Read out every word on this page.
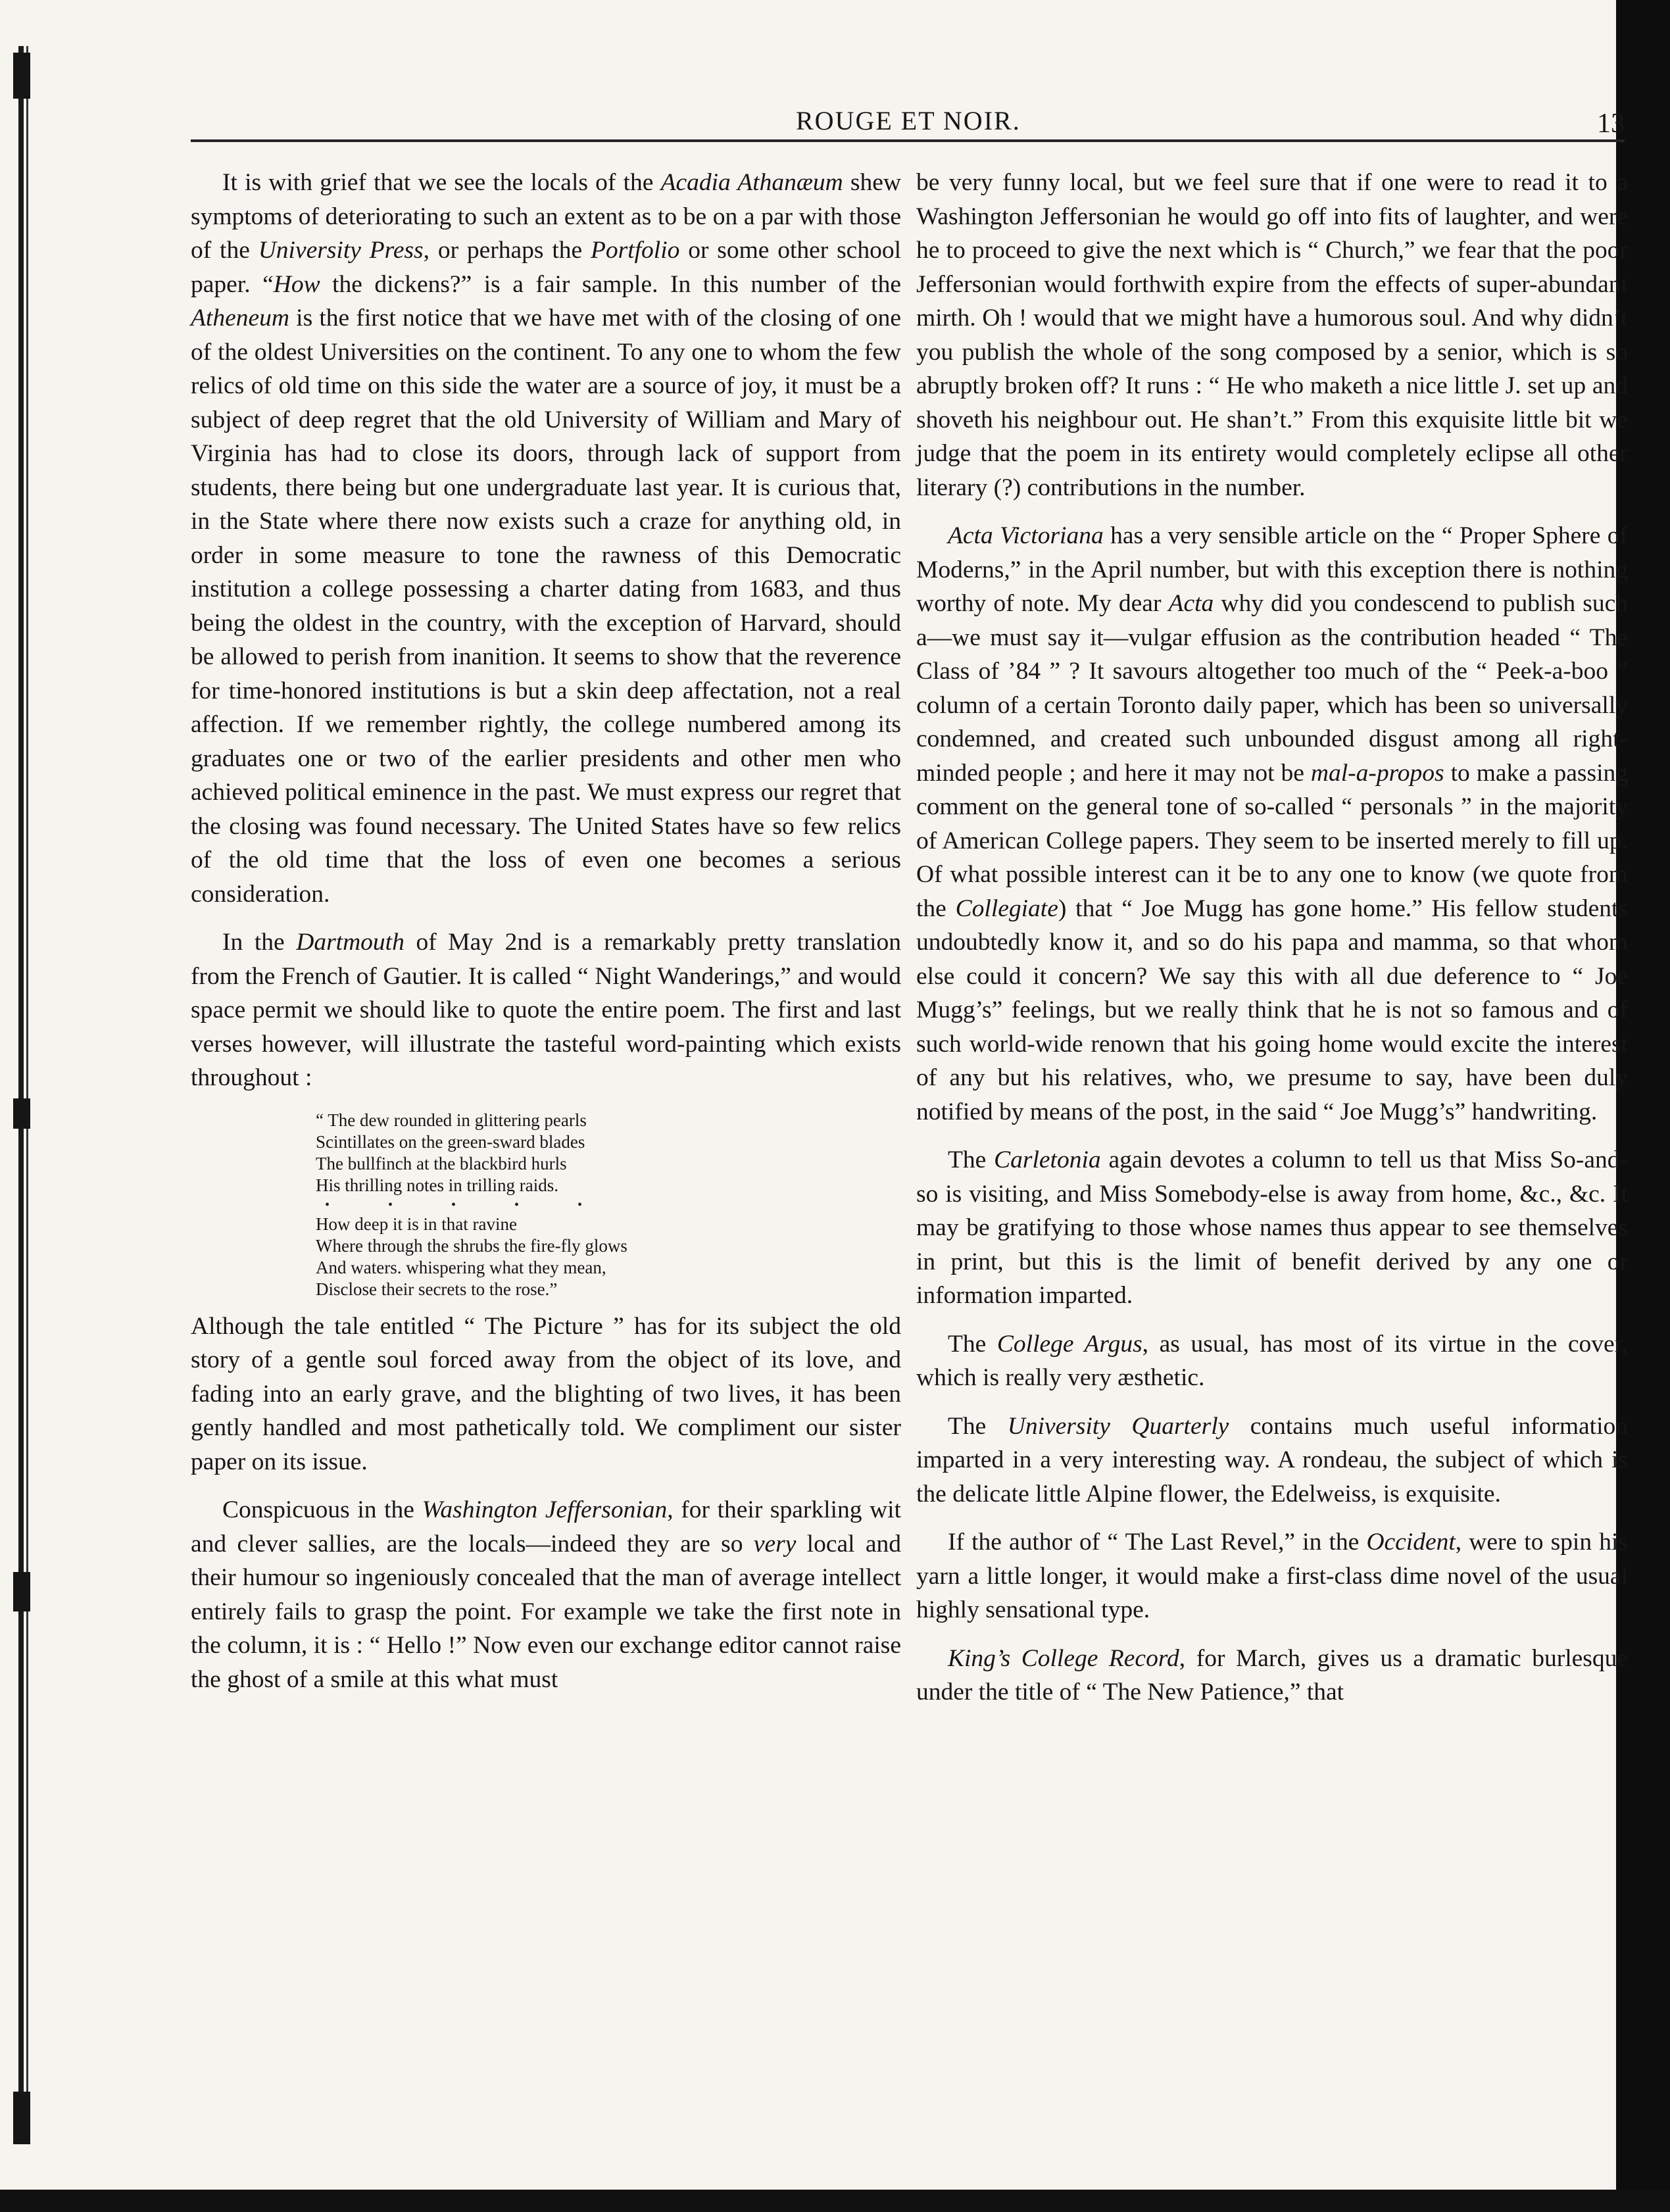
ROUGE ET NOIR.	13

It is with grief that we see the locals of the Acadia Athanæum shew symptoms of deteriorating to such an extent as to be on a par with those of the University Press, or perhaps the Portfolio or some other school paper. “How the dickens?” is a fair sample. In this number of the Atheneum is the first notice that we have met with of the closing of one of the oldest Universities on the continent. To any one to whom the few relics of old time on this side the water are a source of joy, it must be a subject of deep regret that the old University of William and Mary of Virginia has had to close its doors, through lack of support from students, there being but one undergraduate last year. It is curious that, in the State where there now exists such a craze for anything old, in order in some measure to tone the rawness of this Democratic institution a college possessing a charter dating from 1683, and thus being the oldest in the country, with the exception of Harvard, should be allowed to perish from inanition. It seems to show that the reverence for time-honored institutions is but a skin deep affectation, not a real affection. If we remember rightly, the college numbered among its graduates one or two of the earlier presidents and other men who achieved political eminence in the past. We must express our regret that the closing was found necessary. The United States have so few relics of the old time that the loss of even one becomes a serious consideration.

In the Dartmouth of May 2nd is a remarkably pretty translation from the French of Gautier. It is called “ Night Wanderings,” and would space permit we should like to quote the entire poem. The first and last verses however, will illustrate the tasteful word-painting which exists throughout :

“ The dew rounded in glittering pearls
Scintillates on the green-sward blades
The bullfinch at the blackbird hurls
His thrilling notes in trilling raids.
• • • • •
How deep it is in that ravine
Where through the shrubs the fire-fly glows
And waters. whispering what they mean,
Disclose their secrets to the rose.”

Although the tale entitled “ The Picture ” has for its subject the old story of a gentle soul forced away from the object of its love, and fading into an early grave, and the blighting of two lives, it has been gently handled and most pathetically told. We compliment our sister paper on its issue.

Conspicuous in the Washington Jeffersonian, for their sparkling wit and clever sallies, are the locals—indeed they are so very local and their humour so ingeniously concealed that the man of average intellect entirely fails to grasp the point. For example we take the first note in the column, it is : “ Hello !” Now even our exchange editor cannot raise the ghost of a smile at this what must

be very funny local, but we feel sure that if one were to read it to a Washington Jeffersonian he would go off into fits of laughter, and were he to proceed to give the next which is “ Church,” we fear that the poor Jeffersonian would forthwith expire from the effects of super-abundant mirth. Oh ! would that we might have a humorous soul. And why didn’t you publish the whole of the song composed by a senior, which is so abruptly broken off? It runs : “ He who maketh a nice little J. set up and shoveth his neighbour out. He shan’t.” From this exquisite little bit we judge that the poem in its entirety would completely eclipse all other literary (?) contributions in the number.

Acta Victoriana has a very sensible article on the “ Proper Sphere of Moderns,” in the April number, but with this exception there is nothing worthy of note. My dear Acta why did you condescend to publish such a—we must say it—vulgar effusion as the contribution headed “ The Class of ’84 ” ? It savours altogether too much of the “ Peek-a-boo ” column of a certain Toronto daily paper, which has been so universally condemned, and created such unbounded disgust among all right-minded people ; and here it may not be mal-a-propos to make a passing comment on the general tone of so-called “ personals ” in the majority of American College papers. They seem to be inserted merely to fill up. Of what possible interest can it be to any one to know (we quote from the Collegiate) that “ Joe Mugg has gone home.” His fellow students undoubtedly know it, and so do his papa and mamma, so that whom else could it concern? We say this with all due deference to “ Joe Mugg’s” feelings, but we really think that he is not so famous and of such world-wide renown that his going home would excite the interest of any but his relatives, who, we presume to say, have been duly notified by means of the post, in the said “ Joe Mugg’s” handwriting.

The Carletonia again devotes a column to tell us that Miss So-and-so is visiting, and Miss Somebody-else is away from home, &c., &c. It may be gratifying to those whose names thus appear to see themselves in print, but this is the limit of benefit derived by any one or information imparted.

The College Argus, as usual, has most of its virtue in the cover, which is really very æsthetic.

The University Quarterly contains much useful information imparted in a very interesting way. A rondeau, the subject of which is the delicate little Alpine flower, the Edelweiss, is exquisite.

If the author of “ The Last Revel,” in the Occident, were to spin his yarn a little longer, it would make a first-class dime novel of the usual highly sensational type.

King’s College Record, for March, gives us a dramatic burlesque under the title of “ The New Patience,” that
